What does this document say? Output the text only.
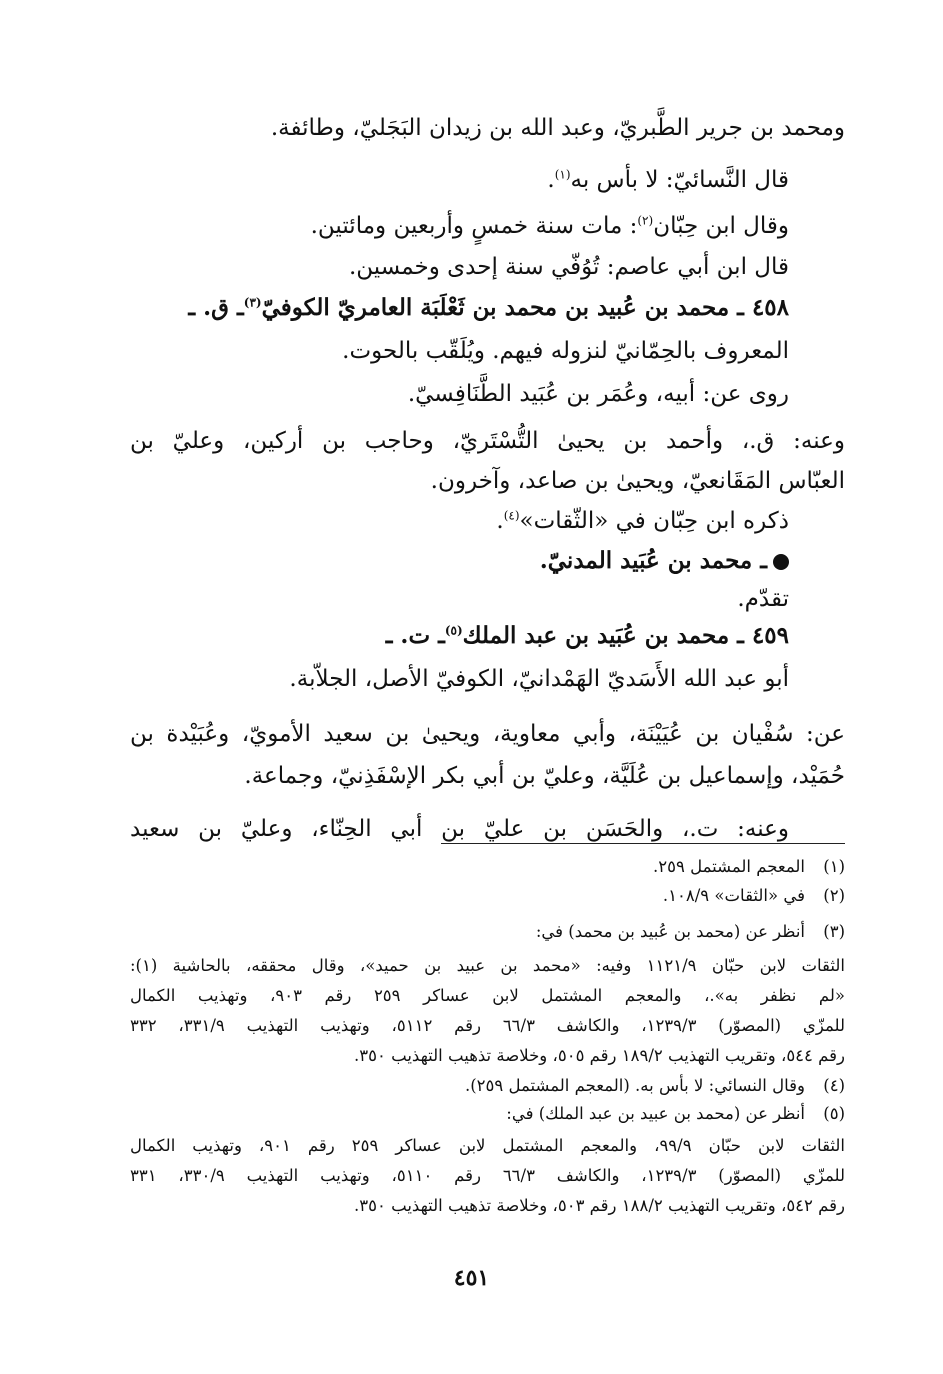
ومحمد بن جرير الطَّبريّ، وعبد الله بن زيدان البَجَليّ، وطائفة.
قال النَّسائيّ: لا بأس به$^{(١)}$.
وقال ابن حِبّان$^{(٢)}$: مات سنة خمسٍ وأربعين ومائتين.
قال ابن أبي عاصم: تُوُفّي سنة إحدى وخمسين.
٤٥٨ ـ محمد بن عُبيد بن محمد بن ثَعْلَبَة العامريّ الكوفيّ$^{(٣)}$ـ ق. ـ
المعروف بالحِمّانيّ لنزوله فيهم. ويُلَقّب بالحوت.
روى عن: أبيه، وعُمَر بن عُبَيد الطَّنَافِسيّ.
وعنه: ق.، وأحمد بن يحيىٰ التُّسْتَريّ، وحاجب بن أركين، وعليّ بن
العبّاس المَقَانعيّ، ويحيىٰ بن صاعد، وآخرون.
ذكره ابن حِبّان في «الثّقات»$^{(٤)}$.
ـ محمد بن عُبَيد المدنيّ.
تقدّم.
٤٥٩ ـ محمد بن عُبَيد بن عبد الملك$^{(٥)}$ـ ت. ـ
أبو عبد الله الأَسَديّ الهَمْدانيّ، الكوفيّ الأصل، الجلاّبة.
عن: سُفْيان بن عُيَيْنَة، وأبي معاوية، ويحيىٰ بن سعيد الأمويّ، وعُبَيْدة بن
حُمَيْد، وإسماعيل بن عُلَيَّة، وعليّ بن أبي بكر الإسْفَذِنيّ، وجماعة.
وعنه: ت.، والحَسَن بن عليّ بن أبي الحِنّاء، وعليّ بن سعيد
(١)المعجم المشتمل ٢٥٩.
(٢)في «الثقات» ١٠٨/٩.
(٣)أنظر عن (محمد بن عُبيد بن محمد) في:
الثقات لابن حبّان ١١٢١/٩ وفيه: «محمد بن عبيد بن حميد»، وقال محققه، بالحاشية (١):
«لم نظفر به».، والمعجم المشتمل لابن عساكر ٢٥٩ رقم ٩٠٣، وتهذيب الكمال
للمزّي (المصوّر) ١٢٣٩/٣، والكاشف ٦٦/٣ رقم ٥١١٢، وتهذيب التهذيب ٣٣١/٩، ٣٣٢
رقم ٥٤٤، وتقريب التهذيب ١٨٩/٢ رقم ٥٠٥، وخلاصة تذهيب التهذيب ٣٥٠.
(٤)وقال النسائي: لا بأس به. (المعجم المشتمل ٢٥٩).
(٥)أنظر عن (محمد بن عبيد بن عبد الملك) في:
الثقات لابن حبّان ٩٩/٩، والمعجم المشتمل لابن عساكر ٢٥٩ رقم ٩٠١، وتهذيب الكمال
للمزّي (المصوّر) ١٢٣٩/٣، والكاشف ٦٦/٣ رقم ٥١١٠، وتهذيب التهذيب ٣٣٠/٩، ٣٣١
رقم ٥٤٢، وتقريب التهذيب ١٨٨/٢ رقم ٥٠٣، وخلاصة تذهيب التهذيب ٣٥٠.
٤٥١
